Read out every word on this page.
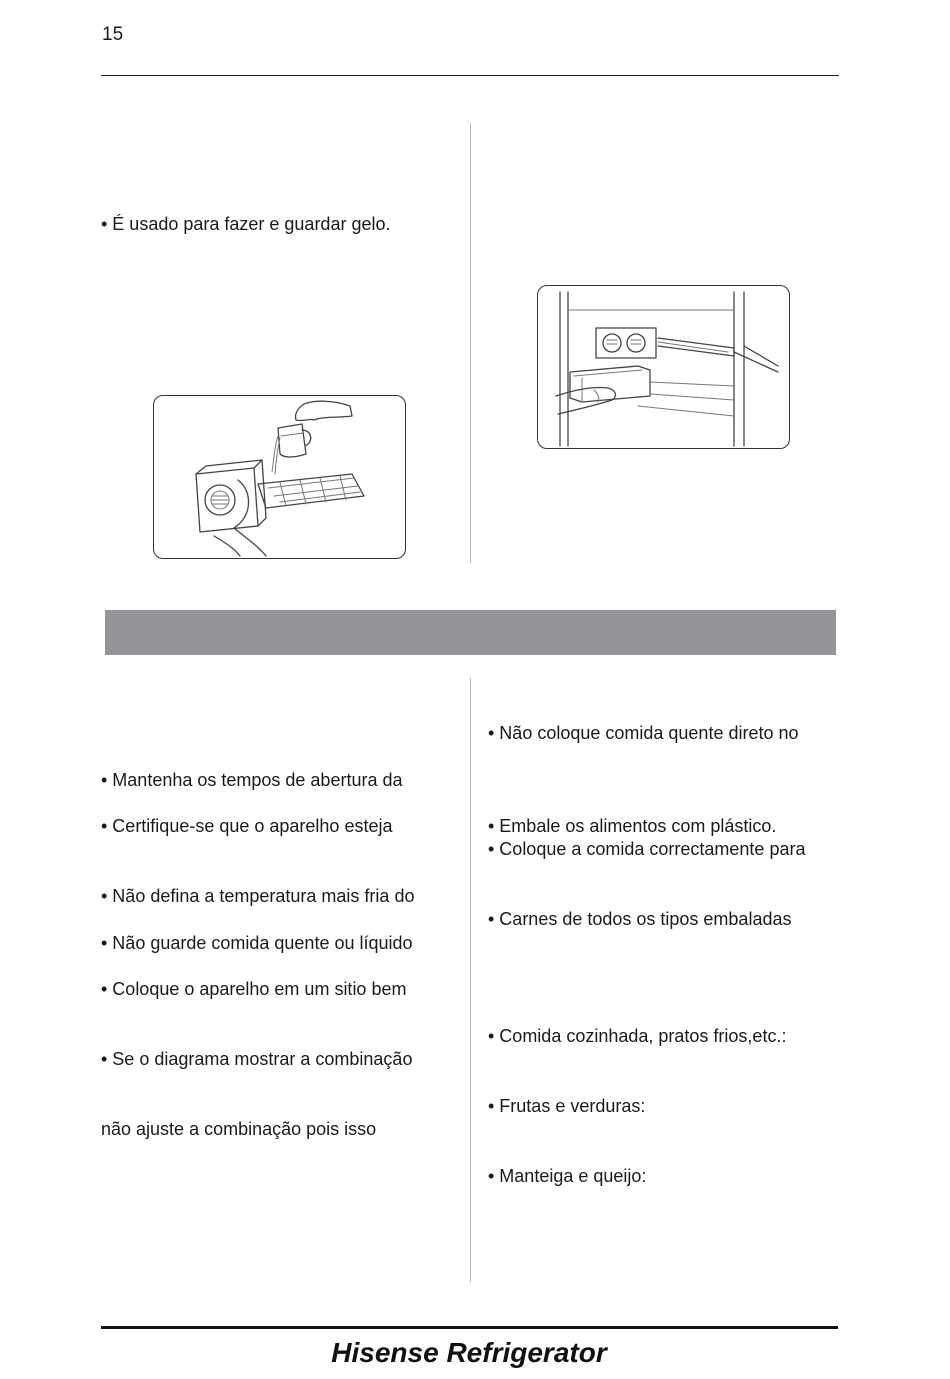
15
• É usado para fazer e guardar gelo.
• Mantenha os tempos de abertura da
• Certifique-se que o aparelho esteja
• Não defina a temperatura mais fria do
• Não guarde comida quente ou líquido
• Coloque o aparelho em um sitio bem
• Se o diagrama mostrar a combinação
não ajuste a combinação pois isso
• Não coloque comida quente direto no
• Embale os alimentos com plástico.
• Coloque a comida correctamente para
• Carnes de todos os tipos embaladas
• Comida cozinhada, pratos frios,etc.:
• Frutas e verduras:
• Manteiga e queijo:
Hisense Refrigerator
